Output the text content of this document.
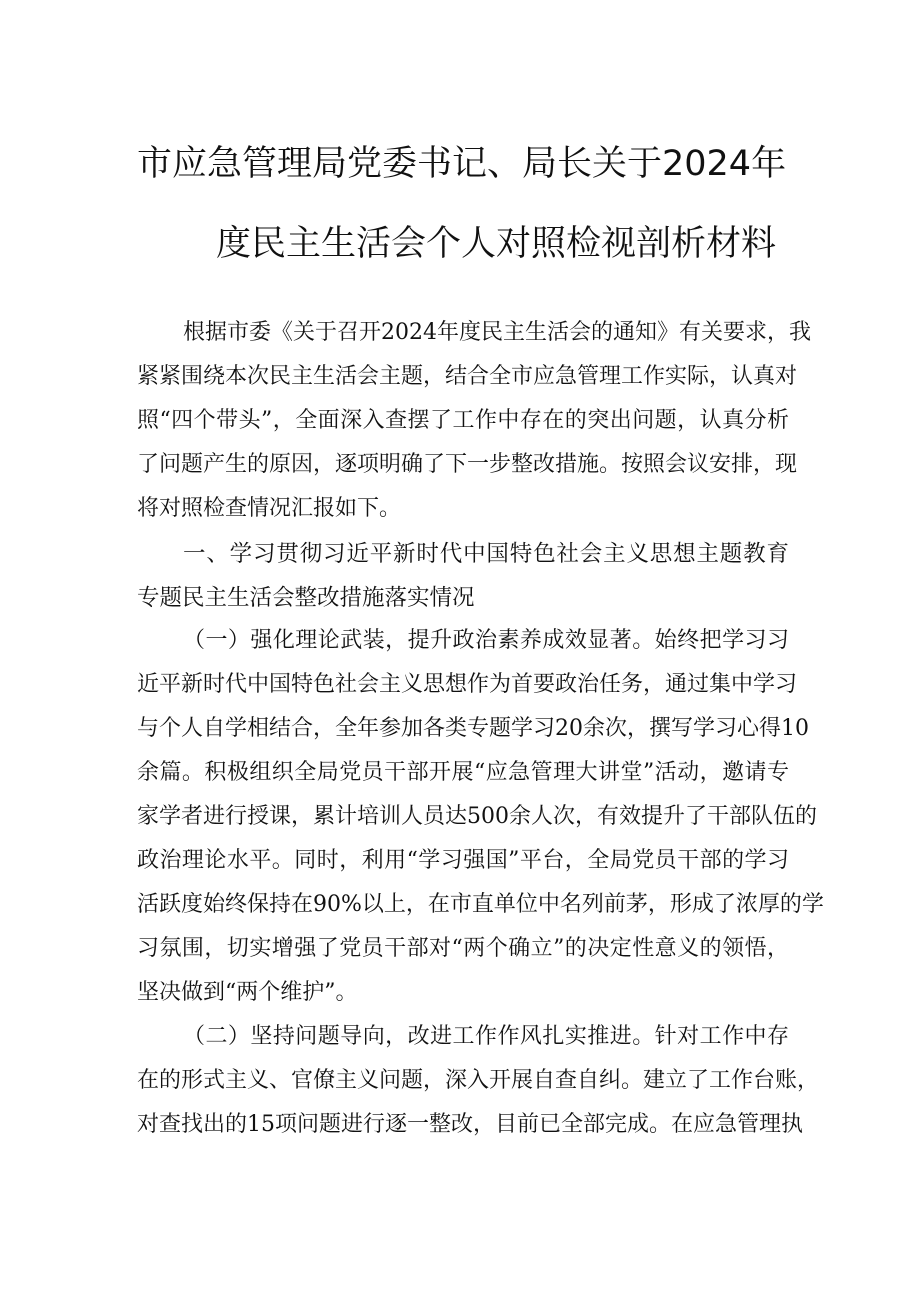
市应急管理局党委书记、局长关于2024年
度民主生活会个人对照检视剖析材料
根据市委《关于召开2024年度民主生活会的通知》有关要求，我
紧紧围绕本次民主生活会主题，结合全市应急管理工作实际，认真对
照“四个带头”，全面深入查摆了工作中存在的突出问题，认真分析
了问题产生的原因，逐项明确了下一步整改措施。按照会议安排，现
将对照检查情况汇报如下。
一、学习贯彻习近平新时代中国特色社会主义思想主题教育
专题民主生活会整改措施落实情况
（一）强化理论武装，提升政治素养成效显著。始终把学习习
近平新时代中国特色社会主义思想作为首要政治任务，通过集中学习
与个人自学相结合，全年参加各类专题学习20余次，撰写学习心得10
余篇。积极组织全局党员干部开展“应急管理大讲堂”活动，邀请专
家学者进行授课，累计培训人员达500余人次，有效提升了干部队伍的
政治理论水平。同时，利用“学习强国”平台，全局党员干部的学习
活跃度始终保持在90%以上，在市直单位中名列前茅，形成了浓厚的学
习氛围，切实增强了党员干部对“两个确立”的决定性意义的领悟，
坚决做到“两个维护”。
（二）坚持问题导向，改进工作作风扎实推进。针对工作中存
在的形式主义、官僚主义问题，深入开展自查自纠。建立了工作台账，
对查找出的15项问题进行逐一整改，目前已全部完成。在应急管理执
